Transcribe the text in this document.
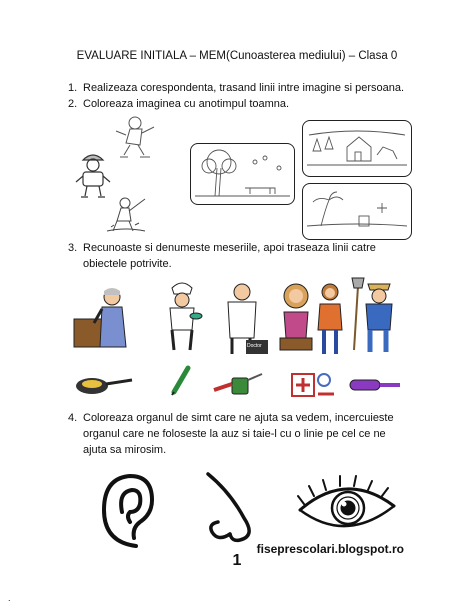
EVALUARE INITIALA – MEM(Cunoasterea mediului) – Clasa 0
1. Realizeaza corespondenta, trasand linii intre imagine si persoana.
2. Coloreaza imaginea cu anotimpul toamna.
3. Recunoaste si denumeste meseriile, apoi traseaza linii catre
obiectele potrivite.
Doctor
4. Coloreaza organul de simt care ne ajuta sa vedem, incercuieste
organul care ne foloseste la auz si taie-l cu o linie pe cel ce ne
ajuta sa mirosim.
fiseprescolari.blogspot.ro
1
.
